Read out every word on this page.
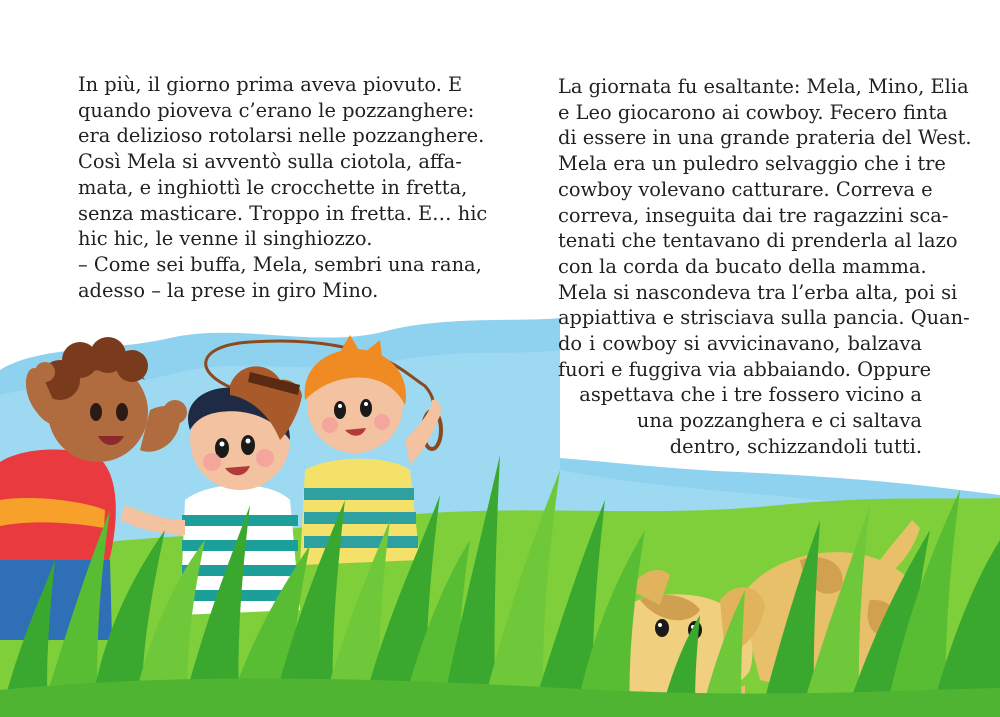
In più, il giorno prima aveva piovuto. E
quando pioveva c’erano le pozzanghere:
era delizioso rotolarsi nelle pozzanghere.
Così Mela si avventò sulla ciotola, affa-
mata, e inghiottì le crocchette in fretta,
senza masticare. Troppo in fretta. E… hic
hic hic, le venne il singhiozzo.
– Come sei buffa, Mela, sembri una rana,
adesso – la prese in giro Mino.
La giornata fu esaltante: Mela, Mino, Elia
e Leo giocarono ai cowboy. Fecero finta
di essere in una grande prateria del West.
Mela era un puledro selvaggio che i tre
cowboy volevano catturare. Correva e
correva, inseguita dai tre ragazzini sca-
tenati che tentavano di prenderla al lazo
con la corda da bucato della mamma.
Mela si nascondeva tra l’erba alta, poi si
appiattiva e strisciava sulla pancia. Quan-
do i cowboy si avvicinavano, balzava
fuori e fuggiva via abbaiando. Oppure
aspettava che i tre fossero vicino a
una pozzanghera e ci saltava
dentro, schizzandoli tutti.
